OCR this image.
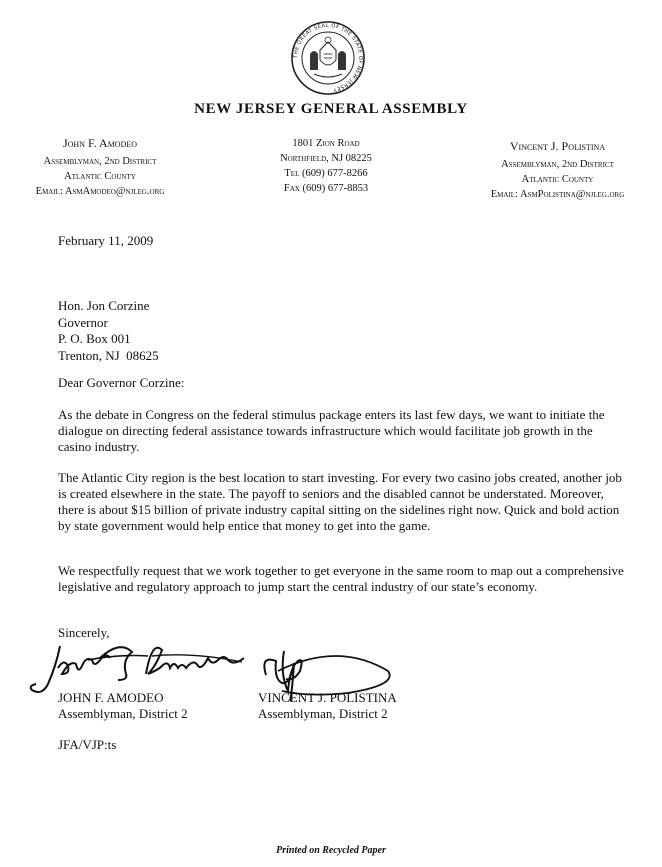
THE GREAT SEAL OF THE STATE OF NEW JERSEY
NEW JERSEY GENERAL ASSEMBLY
John F. Amodeo
Assemblyman, 2nd District
Atlantic County
Email: AsmAmodeo@njleg.org
1801 Zion Road
Northfield, NJ 08225
Tel (609) 677-8266
Fax (609) 677-8853
Vincent J. Polistina
Assemblyman, 2nd District
Atlantic County
Email: AsmPolistina@njleg.org
February 11, 2009
Hon. Jon Corzine
Governor
P. O. Box 001
Trenton, NJ  08625
Dear Governor Corzine:
As the debate in Congress on the federal stimulus package enters its last few days, we want to initiate the dialogue on directing federal assistance towards infrastructure which would facilitate job growth in the casino industry.
The Atlantic City region is the best location to start investing. For every two casino jobs created, another job is created elsewhere in the state. The payoff to seniors and the disabled cannot be understated. Moreover, there is about $15 billion of private industry capital sitting on the sidelines right now. Quick and bold action by state government would help entice that money to get into the game.
We respectfully request that we work together to get everyone in the same room to map out a comprehensive legislative and regulatory approach to jump start the central industry of our state’s economy.
Sincerely,
JOHN F. AMODEO
Assemblyman, District 2
VINCENT J. POLISTINA
Assemblyman, District 2
JFA/VJP:ts
Printed on Recycled Paper
